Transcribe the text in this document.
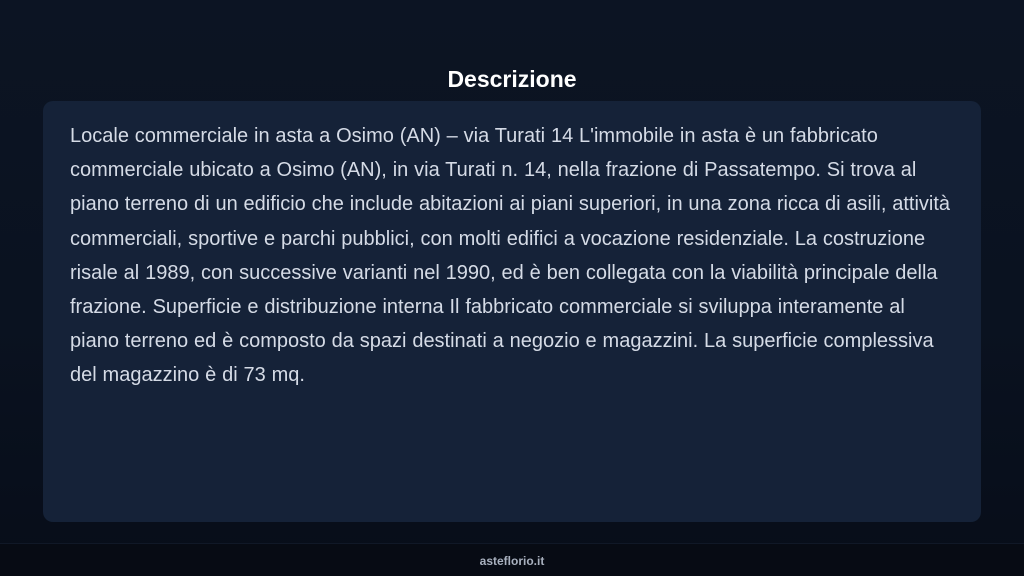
Descrizione

Locale commerciale in asta a Osimo (AN) – via Turati 14 L'immobile in asta è un fabbricato commerciale ubicato a Osimo (AN), in via Turati n. 14, nella frazione di Passatempo. Si trova al piano terreno di un edificio che include abitazioni ai piani superiori, in una zona ricca di asili, attività commerciali, sportive e parchi pubblici, con molti edifici a vocazione residenziale. La costruzione risale al 1989, con successive varianti nel 1990, ed è ben collegata con la viabilità principale della frazione. Superficie e distribuzione interna Il fabbricato commerciale si sviluppa interamente al piano terreno ed è composto da spazi destinati a negozio e magazzini. La superficie complessiva del magazzino è di 73 mq.

asteflorio.it
